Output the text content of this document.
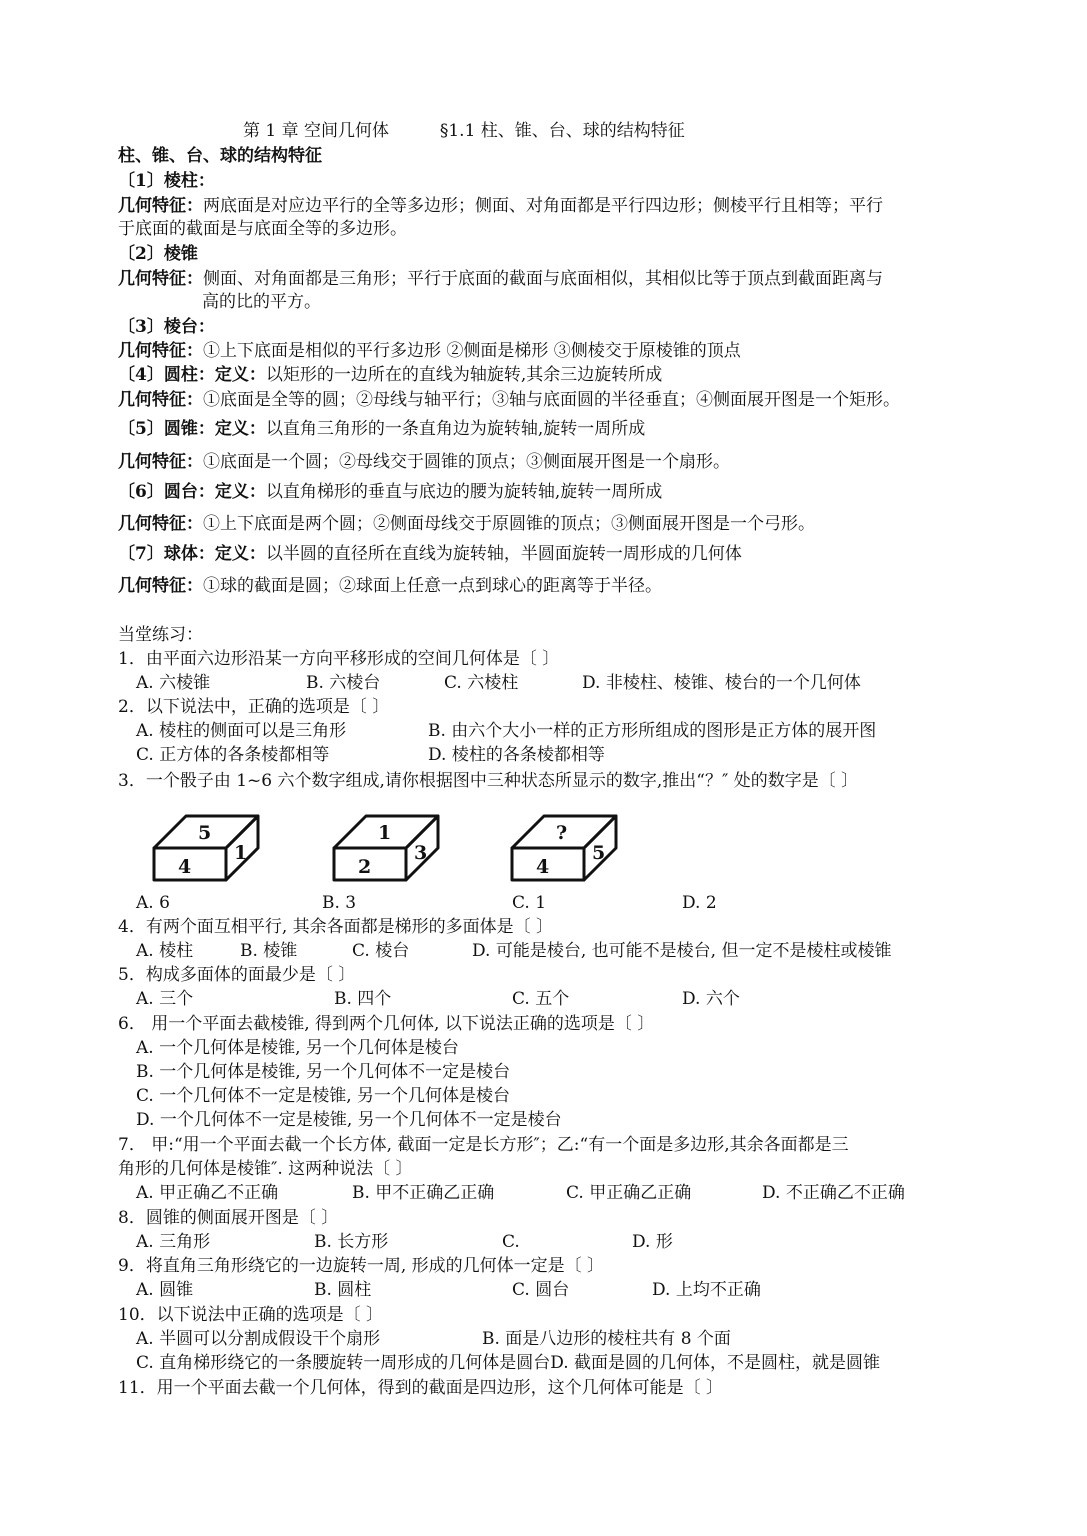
第 1 章 空间几何体	§1.1 柱、锥、台、球的结构特征
柱、锥、台、球的结构特征
〔1〕棱柱：
几何特征：两底面是对应边平行的全等多边形；侧面、对角面都是平行四边形；侧棱平行且相等；平行
于底面的截面是与底面全等的多边形。
〔2〕棱锥
几何特征：侧面、对角面都是三角形；平行于底面的截面与底面相似，其相似比等于顶点到截面距离与
高的比的平方。
〔3〕棱台：
几何特征：①上下底面是相似的平行多边形 ②侧面是梯形 ③侧棱交于原棱锥的顶点
〔4〕圆柱：定义：以矩形的一边所在的直线为轴旋转,其余三边旋转所成
几何特征：①底面是全等的圆；②母线与轴平行；③轴与底面圆的半径垂直；④侧面展开图是一个矩形。
〔5〕圆锥：定义：以直角三角形的一条直角边为旋转轴,旋转一周所成
几何特征：①底面是一个圆；②母线交于圆锥的顶点；③侧面展开图是一个扇形。
〔6〕圆台：定义：以直角梯形的垂直与底边的腰为旋转轴,旋转一周所成
几何特征：①上下底面是两个圆；②侧面母线交于原圆锥的顶点；③侧面展开图是一个弓形。
〔7〕球体：定义：以半圆的直径所在直线为旋转轴，半圆面旋转一周形成的几何体
几何特征：①球的截面是圆；②球面上任意一点到球心的距离等于半径。
当堂练习：
1．由平面六边形沿某一方向平移形成的空间几何体是〔 〕
A. 六棱锥	B. 六棱台	C. 六棱柱	D. 非棱柱、棱锥、棱台的一个几何体
2．以下说法中，正确的选项是〔 〕
A. 棱柱的侧面可以是三角形	B. 由六个大小一样的正方形所组成的图形是正方体的展开图
C. 正方体的各条棱都相等	D. 棱柱的各条棱都相等
3．一个骰子由 1~6 六个数字组成,请你根据图中三种状态所显示的数字,推出“？″ 处的数字是〔 〕
5
4
1
1
2
3
?
4
5
A. 6	B. 3	C. 1	D. 2
4．有两个面互相平行, 其余各面都是梯形的多面体是〔 〕
A. 棱柱	B. 棱锥	C. 棱台	D. 可能是棱台, 也可能不是棱台, 但一定不是棱柱或棱锥
5．构成多面体的面最少是〔 〕
A. 三个	B. 四个	C. 五个	D. 六个
6． 用一个平面去截棱锥, 得到两个几何体, 以下说法正确的选项是〔 〕
A. 一个几何体是棱锥, 另一个几何体是棱台
B. 一个几何体是棱锥, 另一个几何体不一定是棱台
C. 一个几何体不一定是棱锥, 另一个几何体是棱台
D. 一个几何体不一定是棱锥, 另一个几何体不一定是棱台
7． 甲:“用一个平面去截一个长方体, 截面一定是长方形″；乙:“有一个面是多边形,其余各面都是三
角形的几何体是棱锥″. 这两种说法〔 〕
A. 甲正确乙不正确	B. 甲不正确乙正确	C. 甲正确乙正确	D. 不正确乙不正确
8．圆锥的侧面展开图是〔 〕
A. 三角形	B. 长方形	C.	D. 形
9．将直角三角形绕它的一边旋转一周, 形成的几何体一定是〔 〕
A. 圆锥	B. 圆柱	C. 圆台	D. 上均不正确
10．以下说法中正确的选项是〔 〕
A. 半圆可以分割成假设干个扇形	B. 面是八边形的棱柱共有 8 个面
C. 直角梯形绕它的一条腰旋转一周形成的几何体是圆台D. 截面是圆的几何体，不是圆柱，就是圆锥
11．用一个平面去截一个几何体，得到的截面是四边形，这个几何体可能是〔 〕
